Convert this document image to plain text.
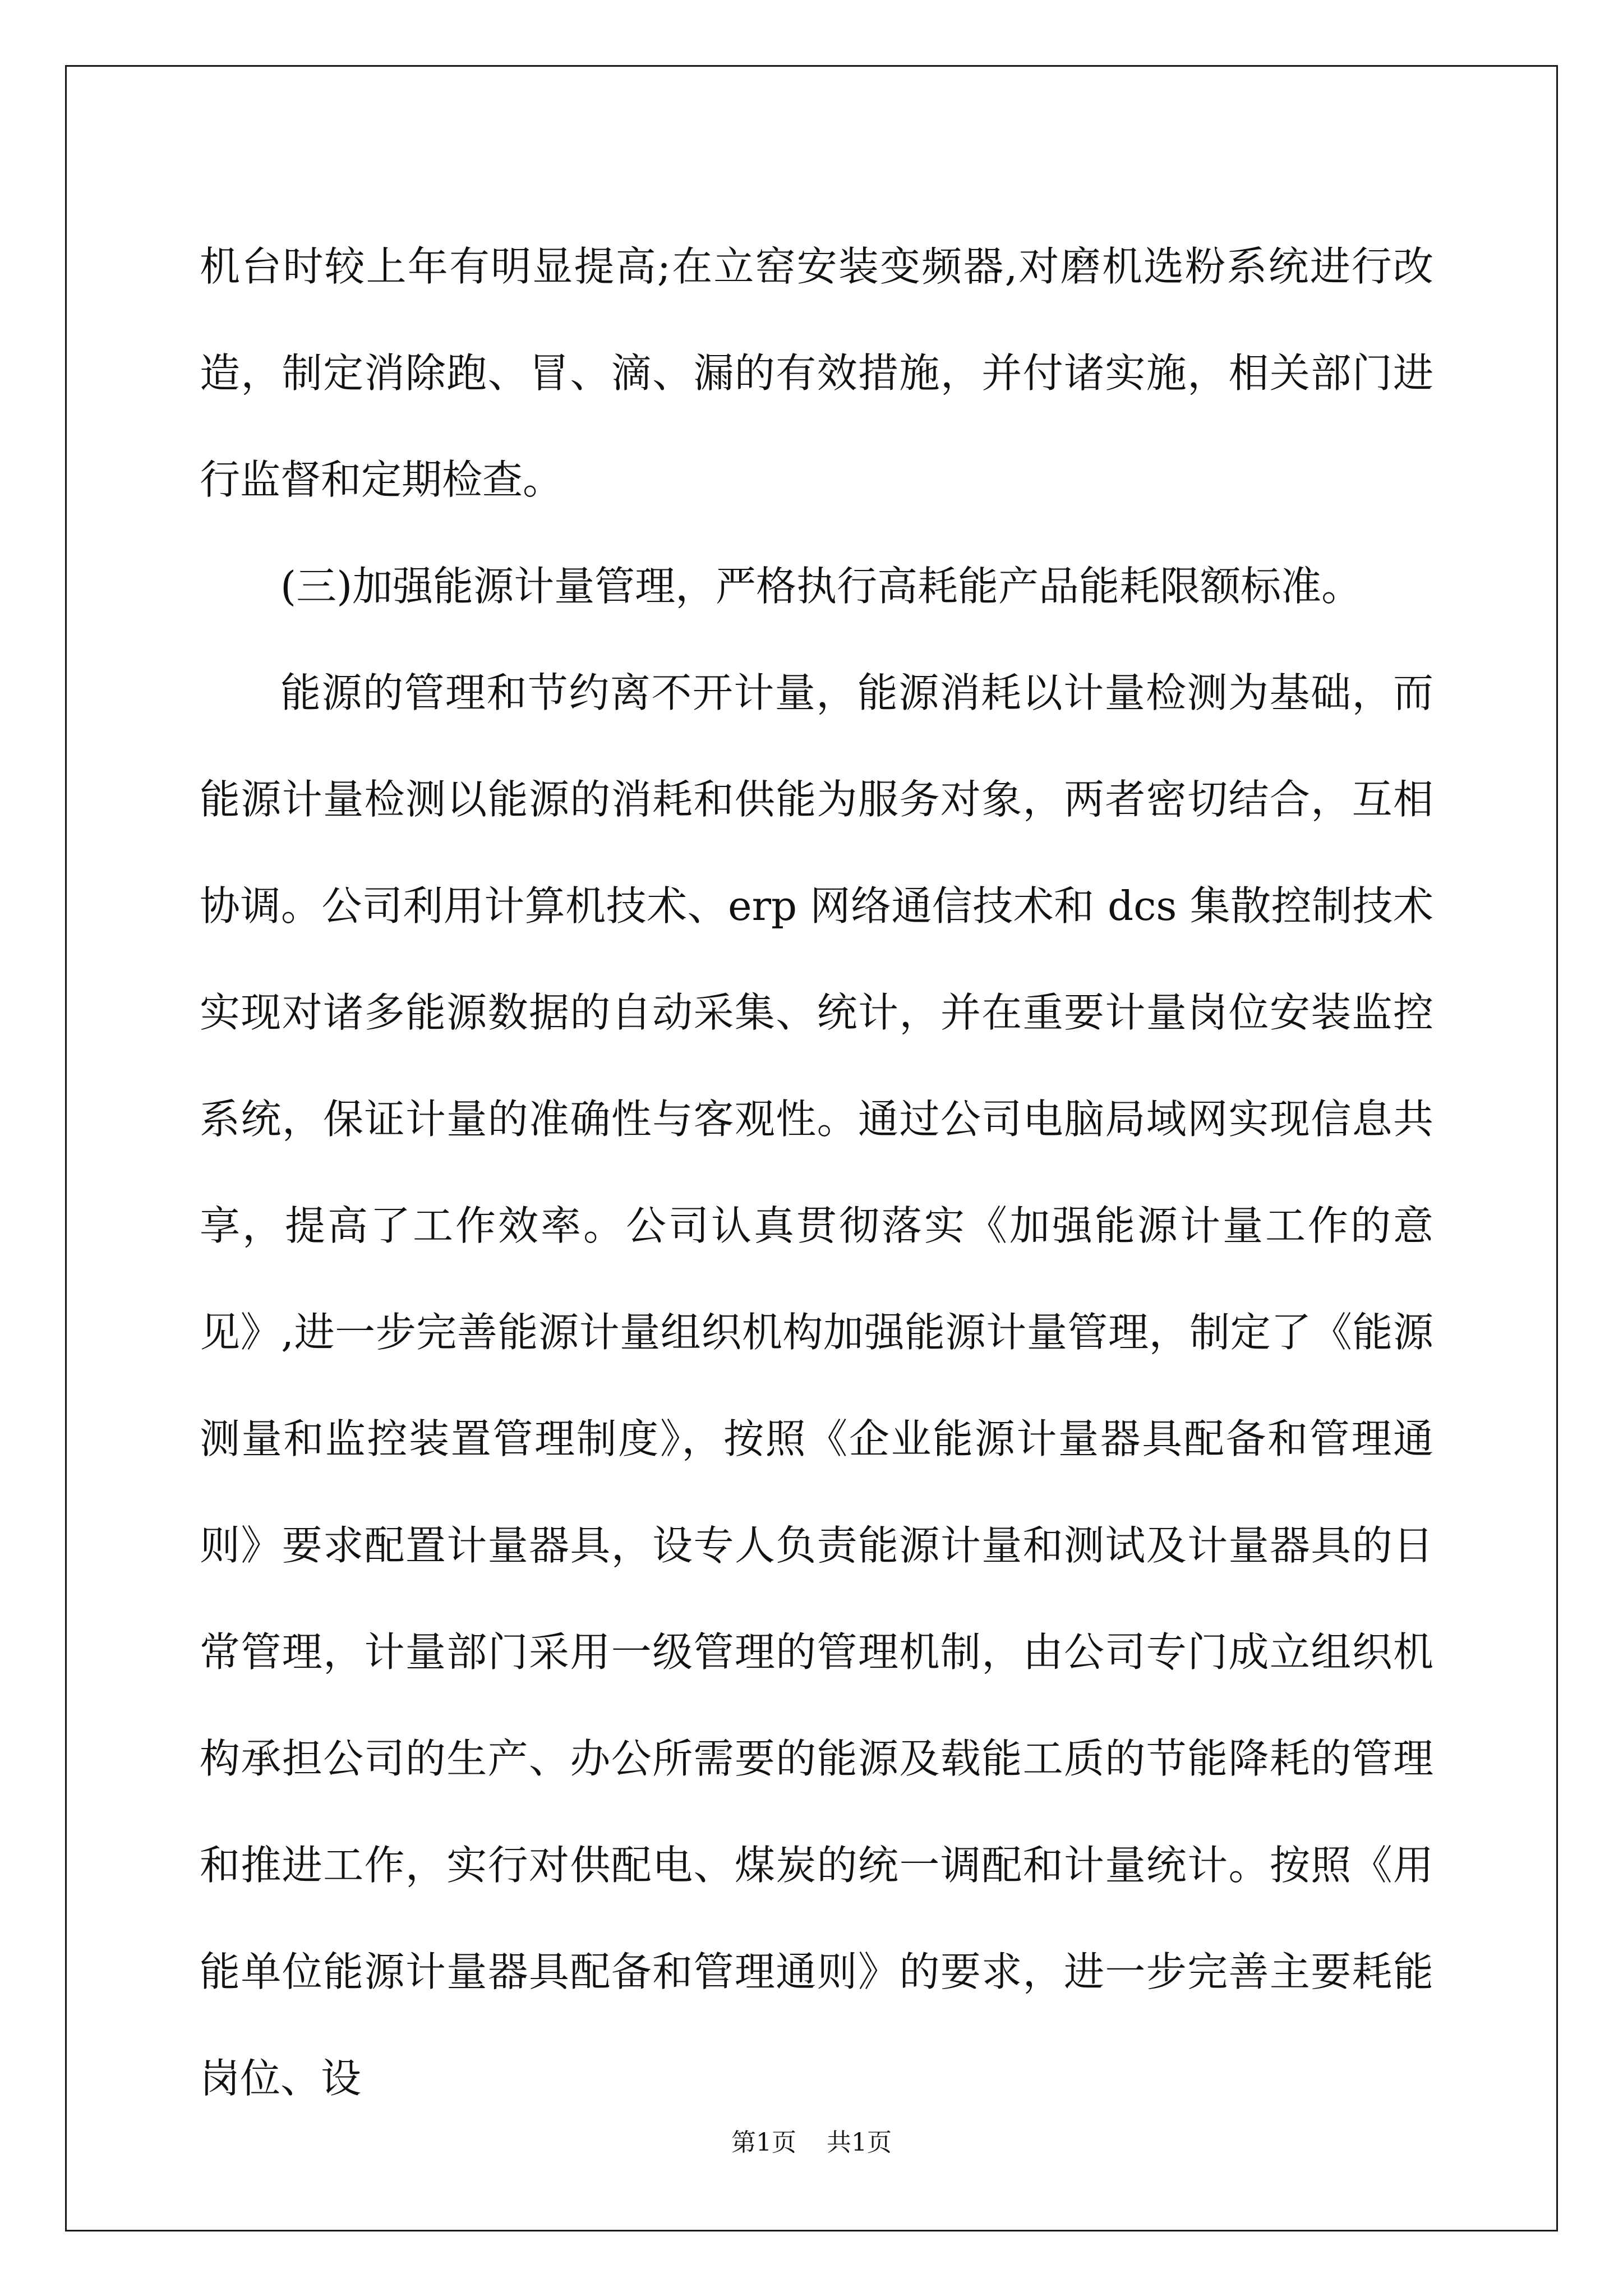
机台时较上年有明显提高;在立窑安装变频器,对磨机选粉系统进行改造，制定消除跑、冒、滴、漏的有效措施，并付诸实施，相关部门进行监督和定期检查。

(三)加强能源计量管理，严格执行高耗能产品能耗限额标准。

能源的管理和节约离不开计量，能源消耗以计量检测为基础，而能源计量检测以能源的消耗和供能为服务对象，两者密切结合，互相协调。公司利用计算机技术、erp 网络通信技术和 dcs 集散控制技术实现对诸多能源数据的自动采集、统计，并在重要计量岗位安装监控系统，保证计量的准确性与客观性。通过公司电脑局域网实现信息共享，提高了工作效率。公司认真贯彻落实《加强能源计量工作的意见》,进一步完善能源计量组织机构加强能源计量管理，制定了《能源测量和监控装置管理制度》，按照《企业能源计量器具配备和管理通则》要求配置计量器具，设专人负责能源计量和测试及计量器具的日常管理，计量部门采用一级管理的管理机制，由公司专门成立组织机构承担公司的生产、办公所需要的能源及载能工质的节能降耗的管理和推进工作，实行对供配电、煤炭的统一调配和计量统计。按照《用能单位能源计量器具配备和管理通则》的要求，进一步完善主要耗能岗位、设

第1页 共1页
